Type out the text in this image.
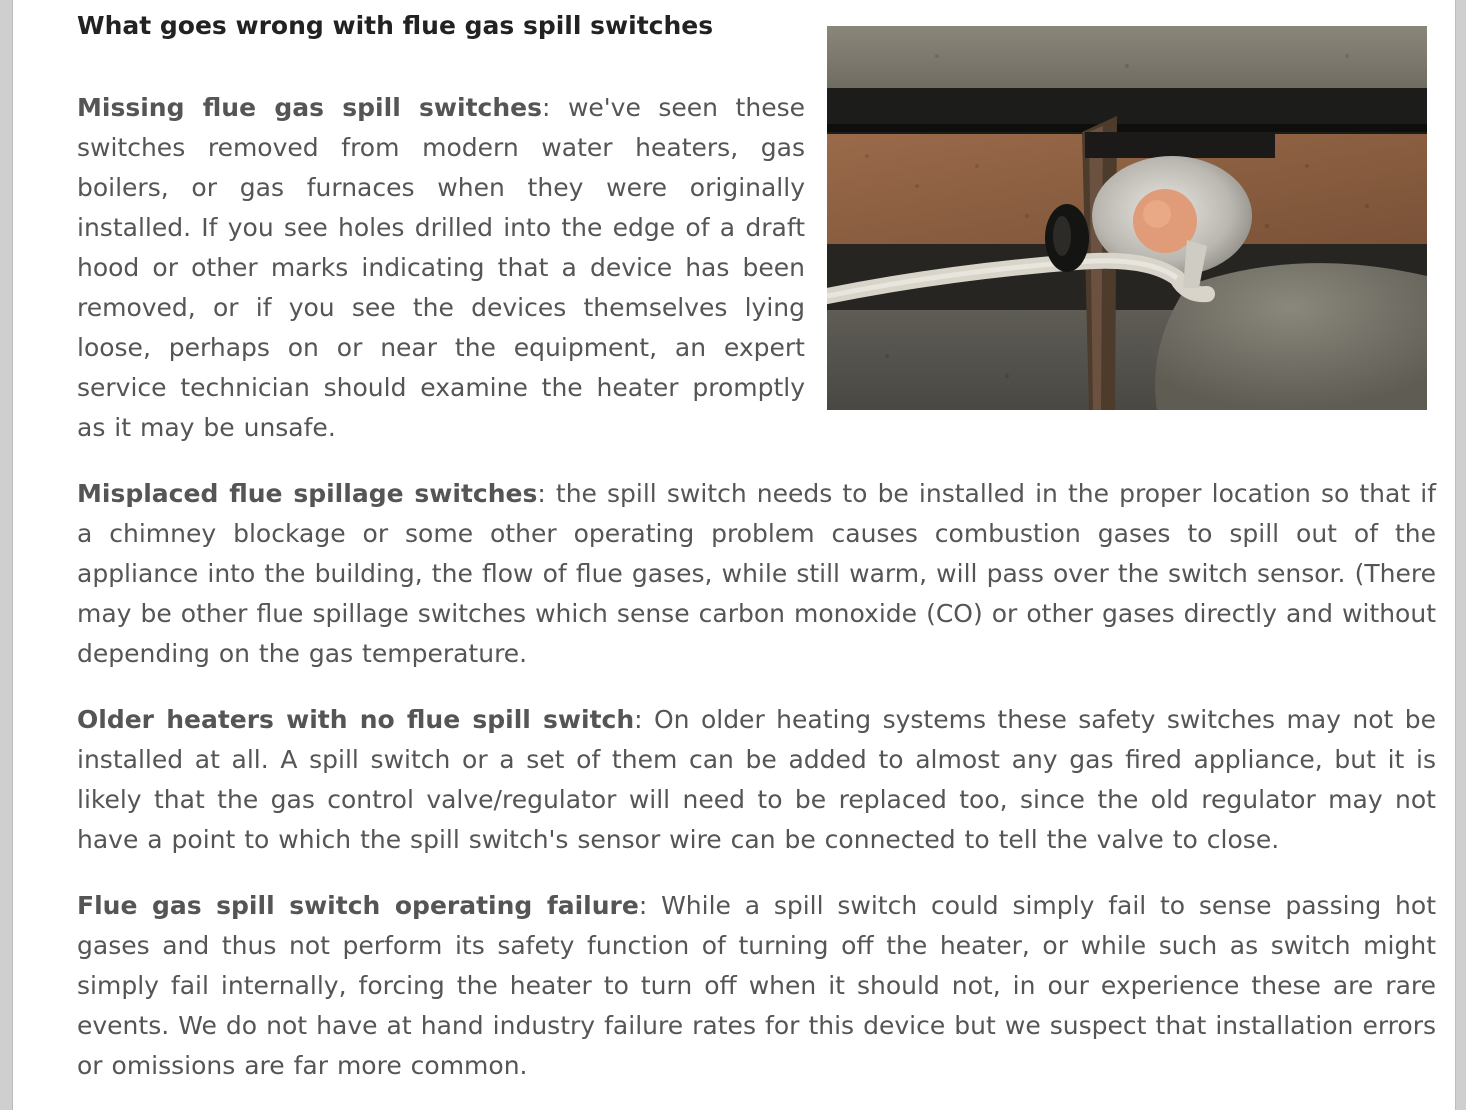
What goes wrong with flue gas spill switches

Missing flue gas spill switches: we've seen these switches removed from modern water heaters, gas boilers, or gas furnaces when they were originally installed. If you see holes drilled into the edge of a draft hood or other marks indicating that a device has been removed, or if you see the devices themselves lying loose, perhaps on or near the equipment, an expert service technician should examine the heater promptly as it may be unsafe.

Misplaced flue spillage switches: the spill switch needs to be installed in the proper location so that if a chimney blockage or some other operating problem causes combustion gases to spill out of the appliance into the building, the flow of flue gases, while still warm, will pass over the switch sensor. (There may be other flue spillage switches which sense carbon monoxide (CO) or other gases directly and without depending on the gas temperature.

Older heaters with no flue spill switch: On older heating systems these safety switches may not be installed at all. A spill switch or a set of them can be added to almost any gas fired appliance, but it is likely that the gas control valve/regulator will need to be replaced too, since the old regulator may not have a point to which the spill switch's sensor wire can be connected to tell the valve to close.

Flue gas spill switch operating failure: While a spill switch could simply fail to sense passing hot gases and thus not perform its safety function of turning off the heater, or while such as switch might simply fail internally, forcing the heater to turn off when it should not, in our experience these are rare events. We do not have at hand industry failure rates for this device but we suspect that installation errors or omissions are far more common.
